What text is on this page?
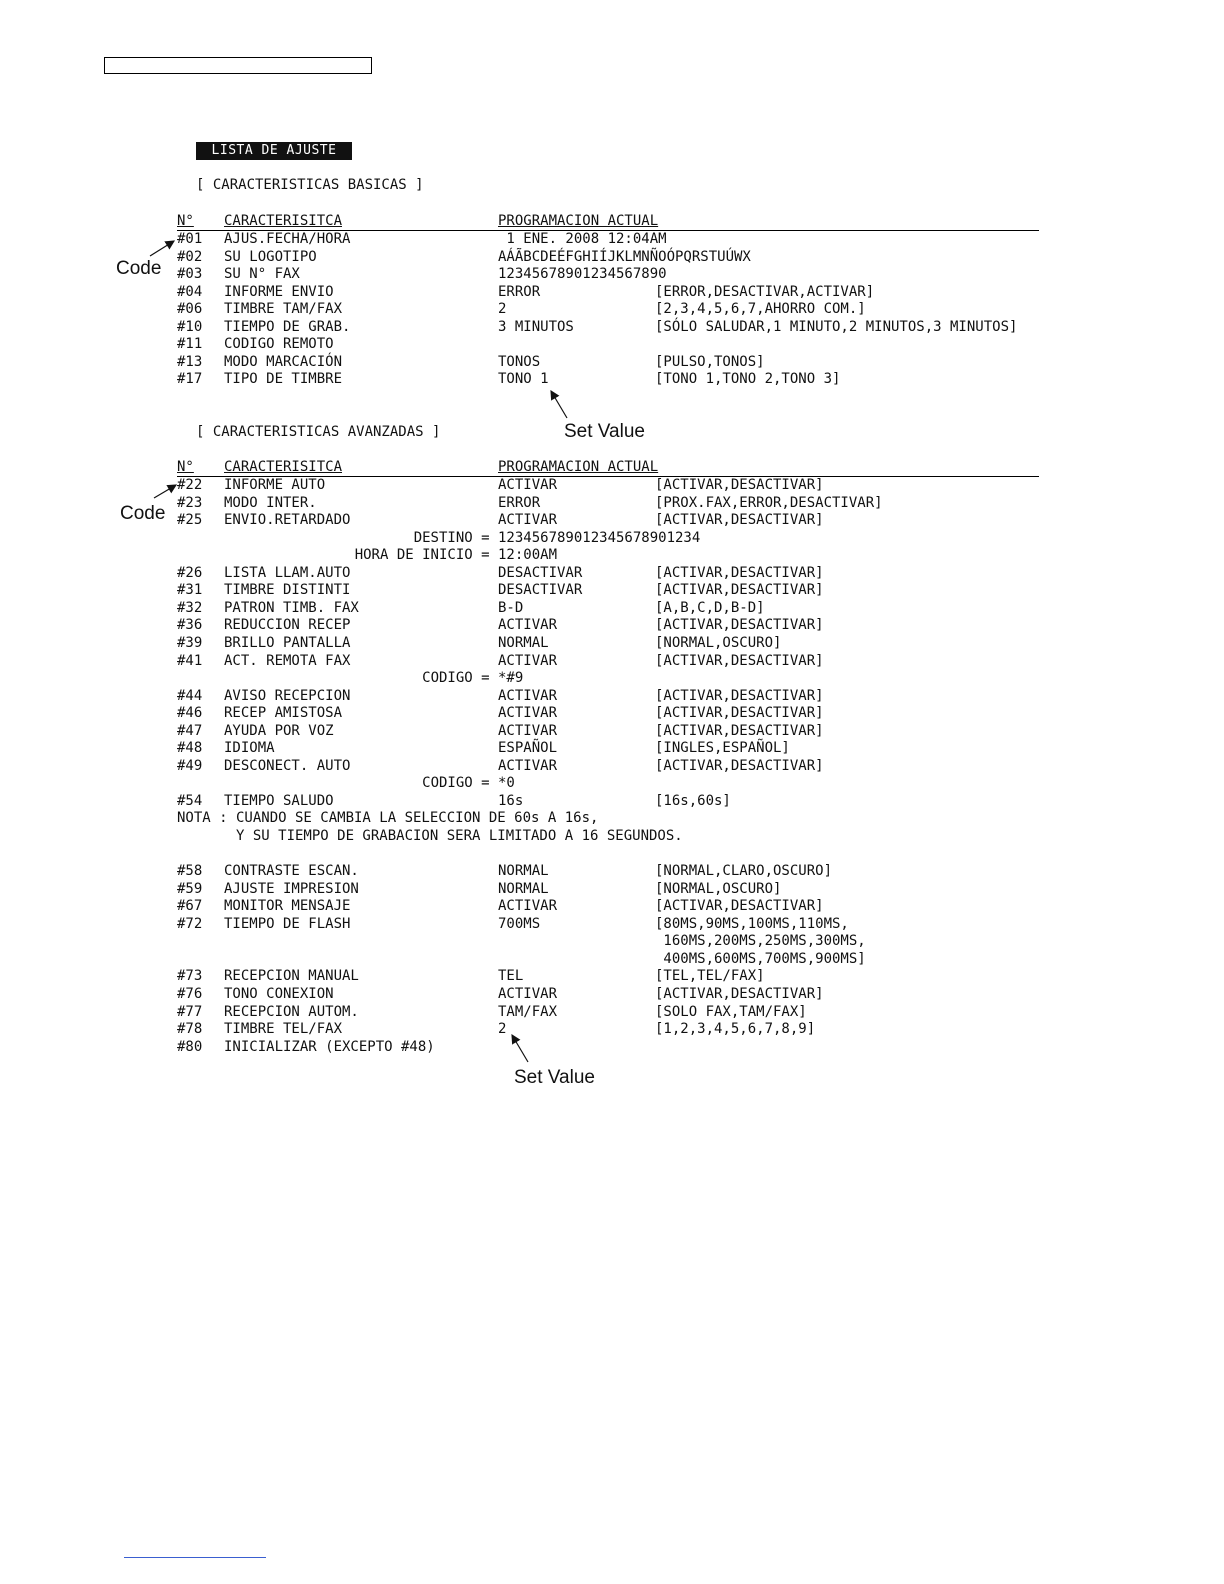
LISTA DE AJUSTE
[ CARACTERISTICAS BASICAS ]
N° CARACTERISITCA	PROGRAMACION ACTUAL
#01 AJUS.FECHA/HORA	1 ENE. 2008 12:04AM
#02 SU LOGOTIPO	AÁÃBCDEÉFGHIÍJKLMNÑOÓPQRSTUÚWX
#03 SU N° FAX	12345678901234567890
#04 INFORME ENVIO	ERROR	[ERROR,DESACTIVAR,ACTIVAR]
#06 TIMBRE TAM/FAX	2	[2,3,4,5,6,7,AHORRO COM.]
#10 TIEMPO DE GRAB.	3 MINUTOS	[SÓLO SALUDAR,1 MINUTO,2 MINUTOS,3 MINUTOS]
#11 CODIGO REMOTO
#13 MODO MARCACIÓN	TONOS	[PULSO,TONOS]
#17 TIPO DE TIMBRE	TONO 1	[TONO 1,TONO 2,TONO 3]
[ CARACTERISTICAS AVANZADAS ]
N° CARACTERISITCA	PROGRAMACION ACTUAL
#22 INFORME AUTO	ACTIVAR	[ACTIVAR,DESACTIVAR]
#23 MODO INTER.	ERROR	[PROX.FAX,ERROR,DESACTIVAR]
#25 ENVIO.RETARDADO	ACTIVAR	[ACTIVAR,DESACTIVAR]
DESTINO = 123456789012345678901234
HORA DE INICIO = 12:00AM
#26 LISTA LLAM.AUTO	DESACTIVAR	[ACTIVAR,DESACTIVAR]
#31 TIMBRE DISTINTI	DESACTIVAR	[ACTIVAR,DESACTIVAR]
#32 PATRON TIMB. FAX	B-D	[A,B,C,D,B-D]
#36 REDUCCION RECEP	ACTIVAR	[ACTIVAR,DESACTIVAR]
#39 BRILLO PANTALLA	NORMAL	[NORMAL,OSCURO]
#41 ACT. REMOTA FAX	ACTIVAR	[ACTIVAR,DESACTIVAR]
CODIGO = *#9
#44 AVISO RECEPCION	ACTIVAR	[ACTIVAR,DESACTIVAR]
#46 RECEP AMISTOSA	ACTIVAR	[ACTIVAR,DESACTIVAR]
#47 AYUDA POR VOZ	ACTIVAR	[ACTIVAR,DESACTIVAR]
#48 IDIOMA	ESPAÑOL	[INGLES,ESPAÑOL]
#49 DESCONECT. AUTO	ACTIVAR	[ACTIVAR,DESACTIVAR]
CODIGO = *0
#54 TIEMPO SALUDO	16s	[16s,60s]
NOTA : CUANDO SE CAMBIA LA SELECCION DE 60s A 16s,
Y SU TIEMPO DE GRABACION SERA LIMITADO A 16 SEGUNDOS.
#58 CONTRASTE ESCAN.	NORMAL	[NORMAL,CLARO,OSCURO]
#59 AJUSTE IMPRESION	NORMAL	[NORMAL,OSCURO]
#67 MONITOR MENSAJE	ACTIVAR	[ACTIVAR,DESACTIVAR]
#72 TIEMPO DE FLASH	700MS	[80MS,90MS,100MS,110MS,
160MS,200MS,250MS,300MS,
400MS,600MS,700MS,900MS]
#73 RECEPCION MANUAL	TEL	[TEL,TEL/FAX]
#76 TONO CONEXION	ACTIVAR	[ACTIVAR,DESACTIVAR]
#77 RECEPCION AUTOM.	TAM/FAX	[SOLO FAX,TAM/FAX]
#78 TIMBRE TEL/FAX	2	[1,2,3,4,5,6,7,8,9]
#80 INICIALIZAR (EXCEPTO #48)
Code
Code
Set Value
Set Value
